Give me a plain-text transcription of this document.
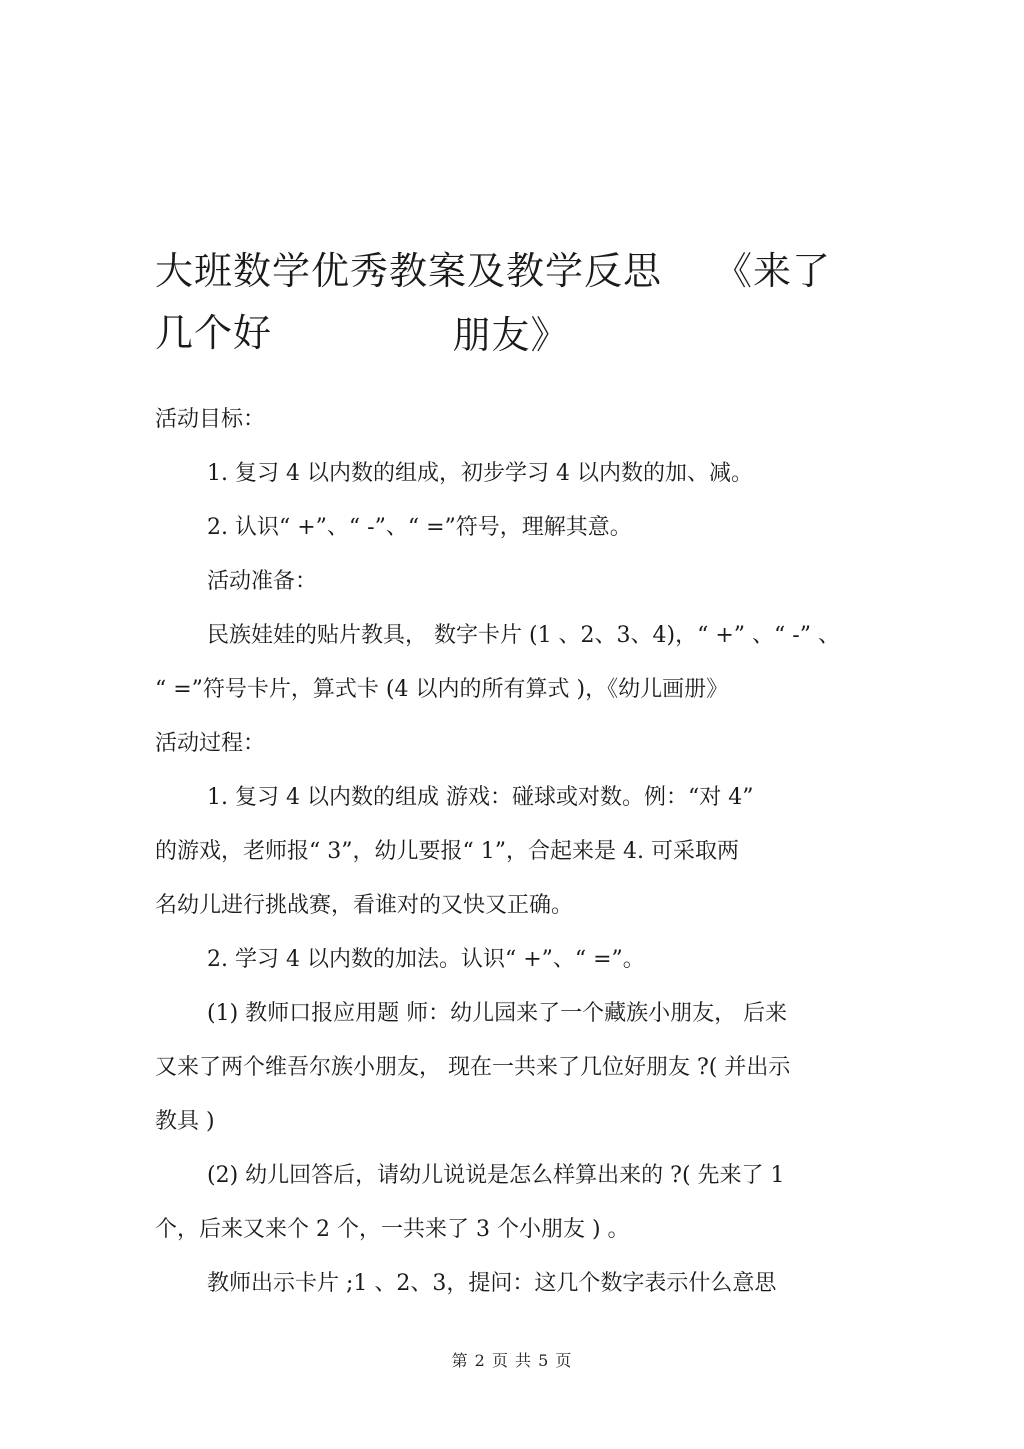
大班数学优秀教案及教学反思 《来了几个好	朋友》
活动目标：
1. 复习 4 以内数的组成，初步学习 4 以内数的加、减。
2. 认识“ +”、“ -”、“ =”符号，理解其意。
活动准备：
民族娃娃的贴片教具， 数字卡片 (1 、2、3、4)，“ +” 、“ -” 、
“ =”符号卡片，算式卡 (4 以内的所有算式 )，《幼儿画册》
活动过程：
1. 复习 4 以内数的组成 游戏：碰球或对数。例：“对 4”
的游戏，老师报“ 3”，幼儿要报“ 1”，合起来是 4. 可采取两
名幼儿进行挑战赛，看谁对的又快又正确。
2. 学习 4 以内数的加法。认识“ +”、“ =”。
(1) 教师口报应用题 师：幼儿园来了一个藏族小朋友， 后来
又来了两个维吾尔族小朋友， 现在一共来了几位好朋友 ?( 并出示
教具 )
(2) 幼儿回答后，请幼儿说说是怎么样算出来的 ?( 先来了 1
个，后来又来个 2 个，一共来了 3 个小朋友 ) 。
教师出示卡片 ;1 、2、3，提问：这几个数字表示什么意思
第 2 页 共 5 页
